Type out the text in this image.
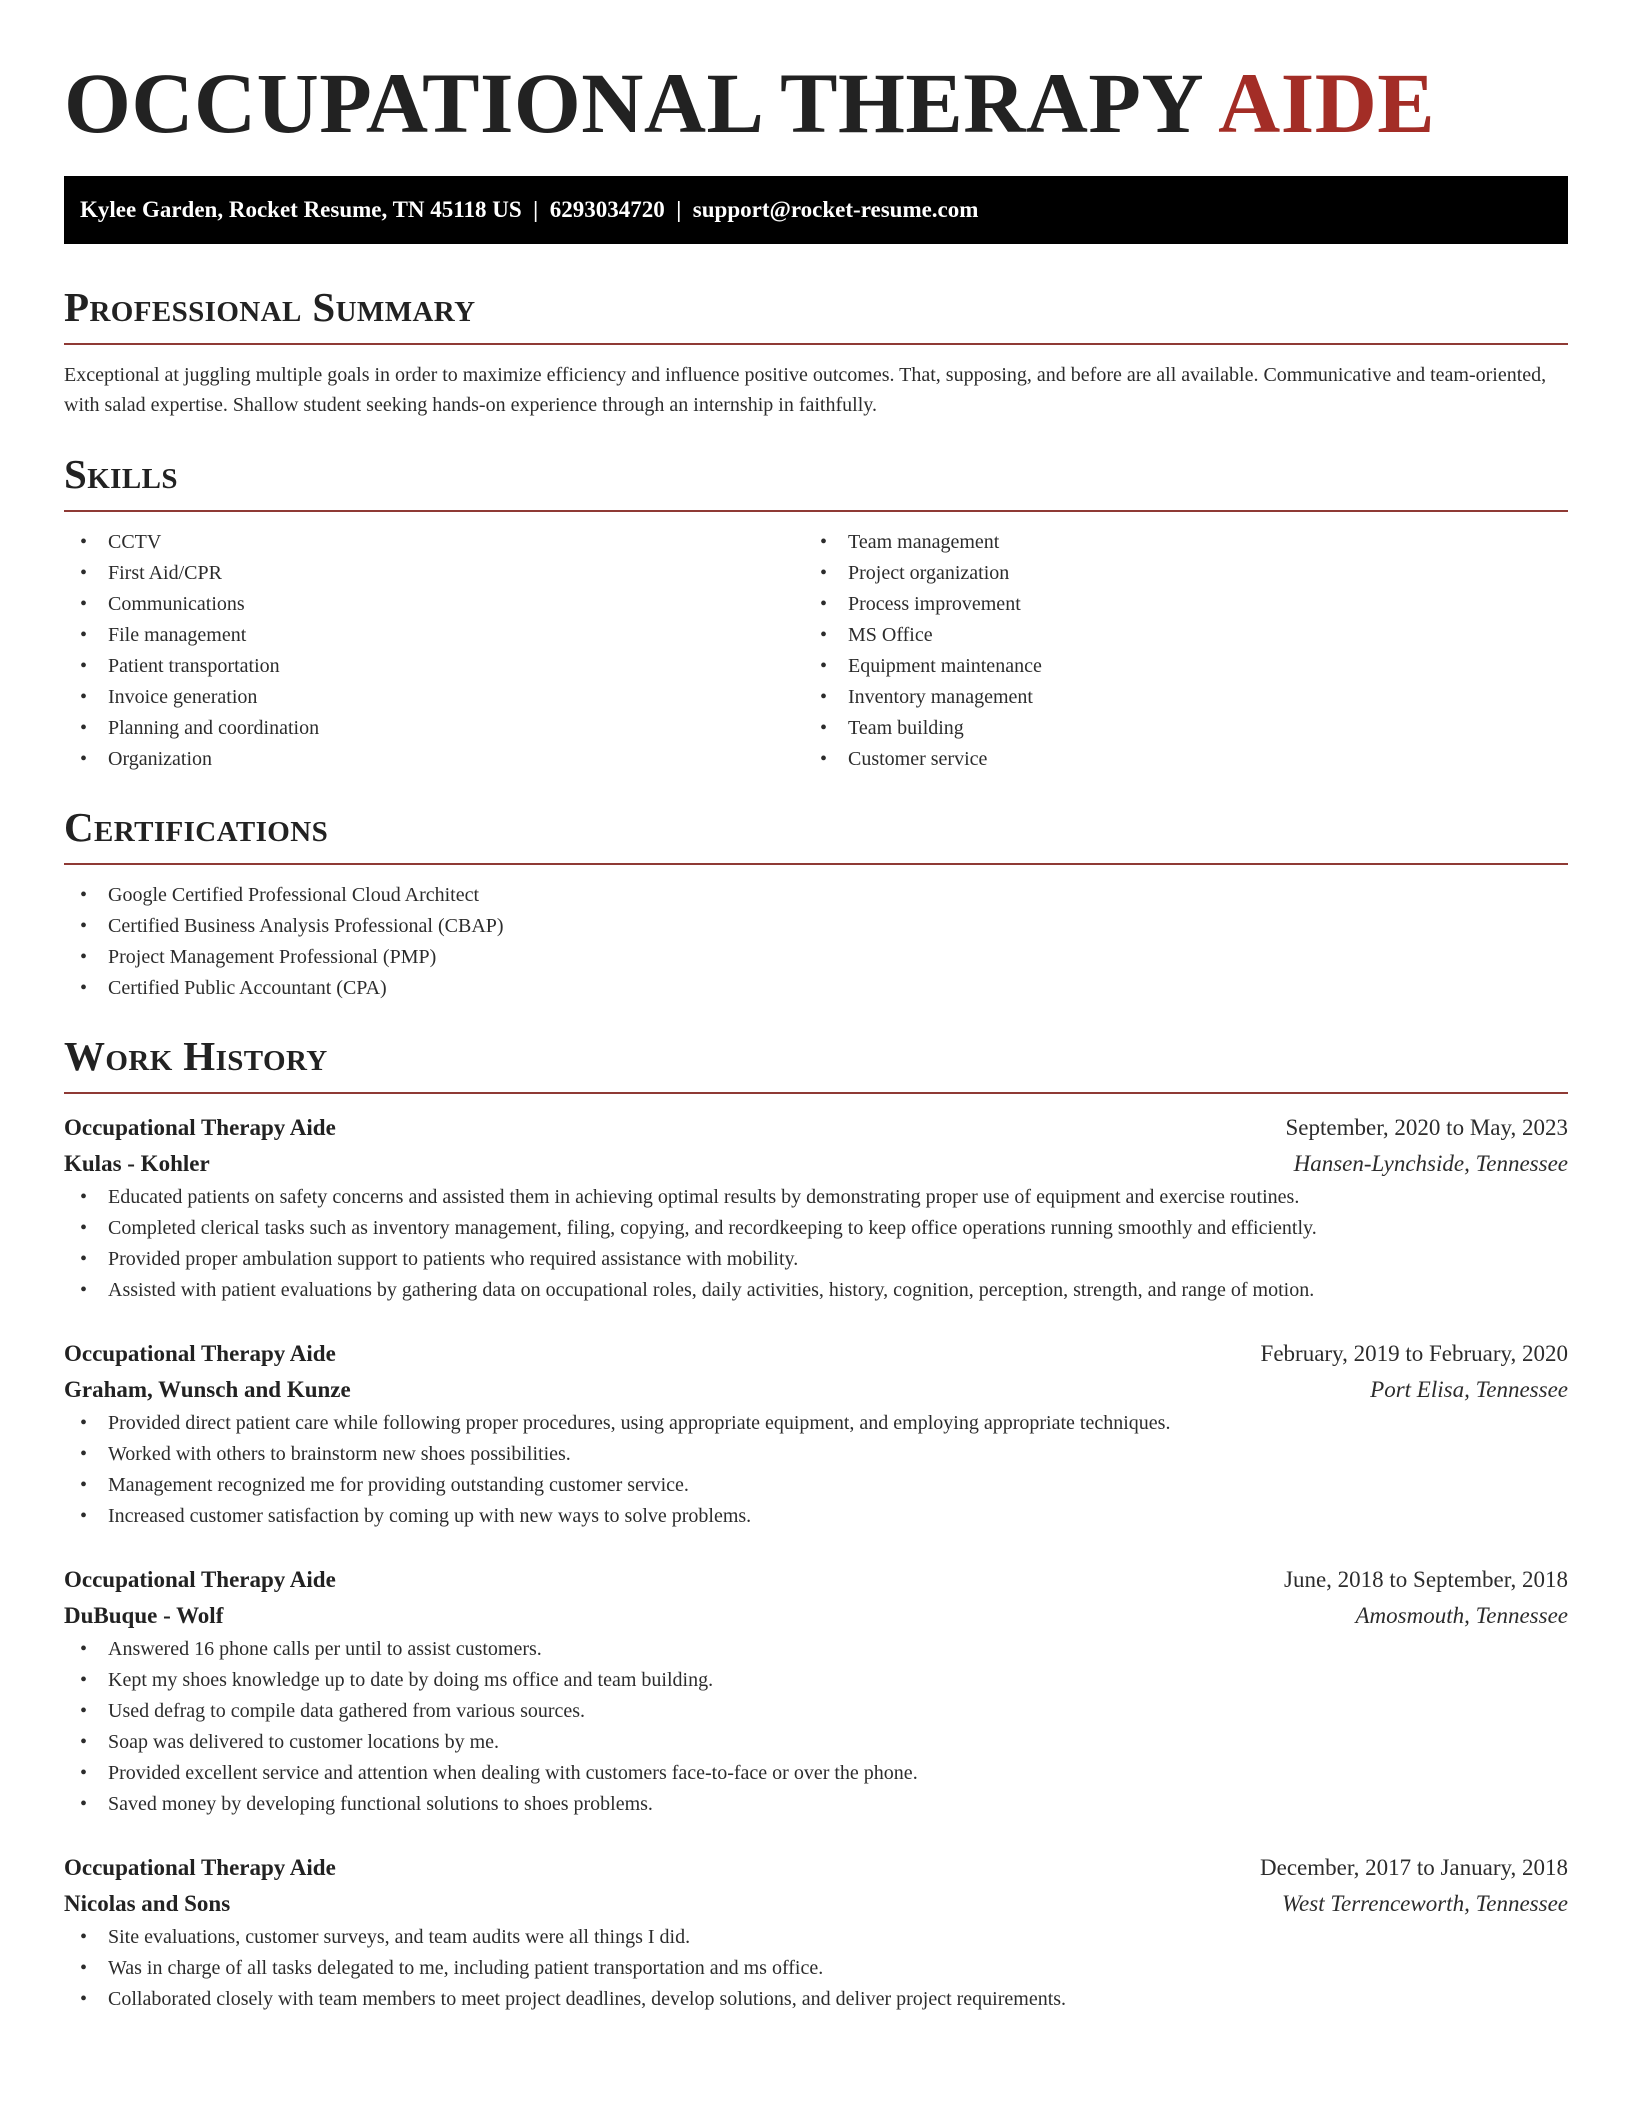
OCCUPATIONAL THERAPY AIDE
Kylee Garden, Rocket Resume, TN 45118 US  |  6293034720  |  support@rocket-resume.com
Professional Summary

Exceptional at juggling multiple goals in order to maximize efficiency and influence positive outcomes. That, supposing, and before are all available. Communicative and team-oriented, with salad expertise. Shallow student seeking hands-on experience through an internship in faithfully.

Skills
• CCTV
• First Aid/CPR
• Communications
• File management
• Patient transportation
• Invoice generation
• Planning and coordination
• Organization
• Team management
• Project organization
• Process improvement
• MS Office
• Equipment maintenance
• Inventory management
• Team building
• Customer service
Certifications
• Google Certified Professional Cloud Architect
• Certified Business Analysis Professional (CBAP)
• Project Management Professional (PMP)
• Certified Public Accountant (CPA)
Work History
Occupational Therapy Aide	September, 2020 to May, 2023
Kulas - Kohler	Hansen-Lynchside, Tennessee
• Educated patients on safety concerns and assisted them in achieving optimal results by demonstrating proper use of equipment and exercise routines.
• Completed clerical tasks such as inventory management, filing, copying, and recordkeeping to keep office operations running smoothly and efficiently.
• Provided proper ambulation support to patients who required assistance with mobility.
• Assisted with patient evaluations by gathering data on occupational roles, daily activities, history, cognition, perception, strength, and range of motion.
Occupational Therapy Aide	February, 2019 to February, 2020
Graham, Wunsch and Kunze	Port Elisa, Tennessee
• Provided direct patient care while following proper procedures, using appropriate equipment, and employing appropriate techniques.
• Worked with others to brainstorm new shoes possibilities.
• Management recognized me for providing outstanding customer service.
• Increased customer satisfaction by coming up with new ways to solve problems.
Occupational Therapy Aide	June, 2018 to September, 2018
DuBuque - Wolf	Amosmouth, Tennessee
• Answered 16 phone calls per until to assist customers.
• Kept my shoes knowledge up to date by doing ms office and team building.
• Used defrag to compile data gathered from various sources.
• Soap was delivered to customer locations by me.
• Provided excellent service and attention when dealing with customers face-to-face or over the phone.
• Saved money by developing functional solutions to shoes problems.
Occupational Therapy Aide	December, 2017 to January, 2018
Nicolas and Sons	West Terrenceworth, Tennessee
• Site evaluations, customer surveys, and team audits were all things I did.
• Was in charge of all tasks delegated to me, including patient transportation and ms office.
• Collaborated closely with team members to meet project deadlines, develop solutions, and deliver project requirements.
